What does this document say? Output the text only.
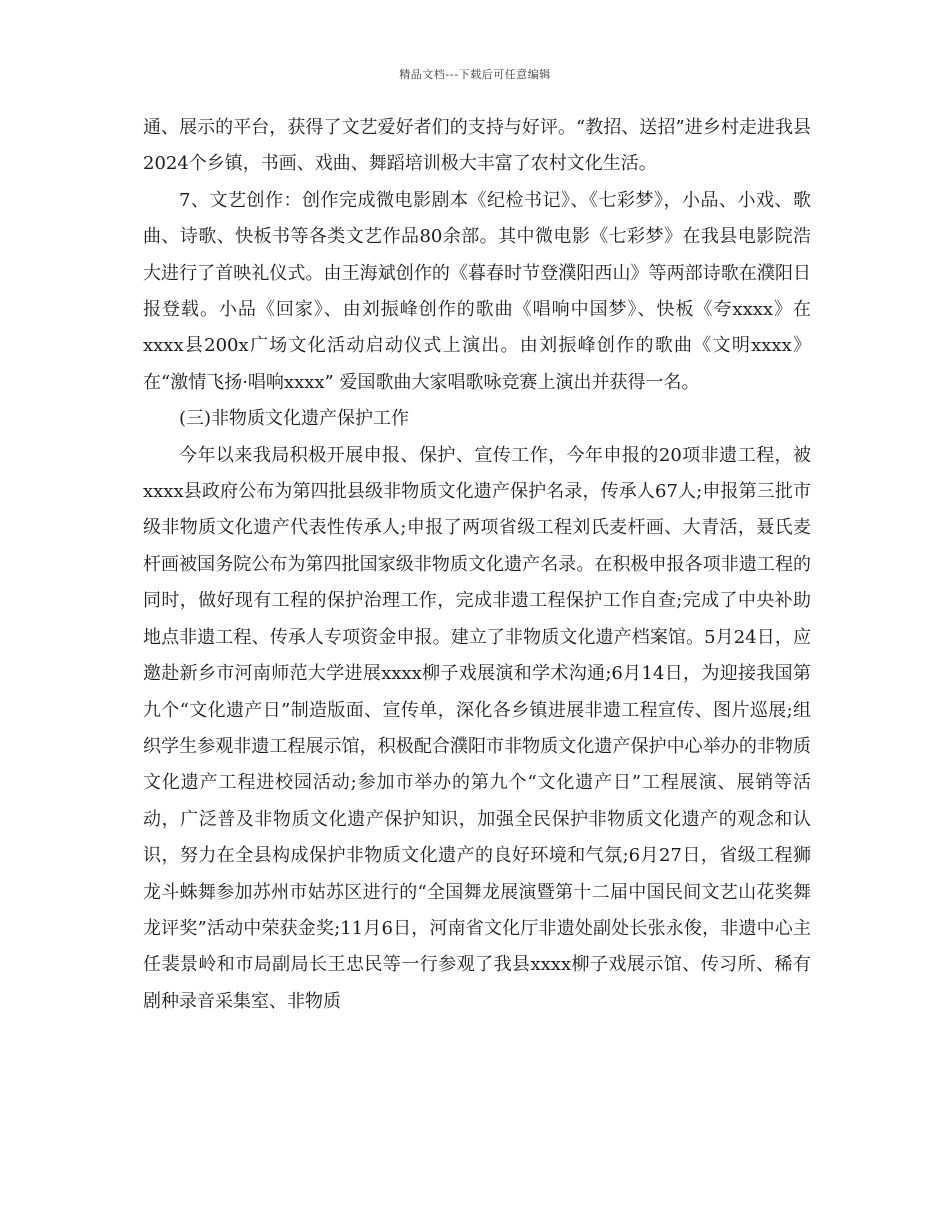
精品文档---下载后可任意编辑

通、展示的平台，获得了文艺爱好者们的支持与好评。“教招、送招”进乡村走进我县2024个乡镇，书画、戏曲、舞蹈培训极大丰富了农村文化生活。

7、文艺创作：创作完成微电影剧本《纪检书记》、《七彩梦》，小品、小戏、歌曲、诗歌、快板书等各类文艺作品80余部。其中微电影《七彩梦》在我县电影院浩大进行了首映礼仪式。由王海斌创作的《暮春时节登濮阳西山》等两部诗歌在濮阳日报登载。小品《回家》、由刘振峰创作的歌曲《唱响中国梦》、快板《夸xxxx》在xxxx县200x广场文化活动启动仪式上演出。由刘振峰创作的歌曲《文明xxxx》在“激情飞扬·唱响xxxx” 爱国歌曲大家唱歌咏竞赛上演出并获得一名。

(三)非物质文化遗产保护工作

今年以来我局积极开展申报、保护、宣传工作，今年申报的20项非遗工程，被xxxx县政府公布为第四批县级非物质文化遗产保护名录，传承人67人;申报第三批市级非物质文化遗产代表性传承人;申报了两项省级工程刘氏麦杆画、大青活，聂氏麦杆画被国务院公布为第四批国家级非物质文化遗产名录。在积极申报各项非遗工程的同时，做好现有工程的保护治理工作，完成非遗工程保护工作自查;完成了中央补助地点非遗工程、传承人专项资金申报。建立了非物质文化遗产档案馆。5月24日，应邀赴新乡市河南师范大学进展xxxx柳子戏展演和学术沟通;6月14日，为迎接我国第九个“文化遗产日”制造版面、宣传单，深化各乡镇进展非遗工程宣传、图片巡展;组织学生参观非遗工程展示馆，积极配合濮阳市非物质文化遗产保护中心举办的非物质文化遗产工程进校园活动;参加市举办的第九个“文化遗产日”工程展演、展销等活动，广泛普及非物质文化遗产保护知识，加强全民保护非物质文化遗产的观念和认识，努力在全县构成保护非物质文化遗产的良好环境和气氛;6月27日，省级工程狮龙斗蛛舞参加苏州市姑苏区进行的“全国舞龙展演暨第十二届中国民间文艺山花奖舞龙评奖”活动中荣获金奖;11月6日，河南省文化厅非遗处副处长张永俊，非遗中心主任裴景岭和市局副局长王忠民等一行参观了我县xxxx柳子戏展示馆、传习所、稀有剧种录音采集室、非物质
